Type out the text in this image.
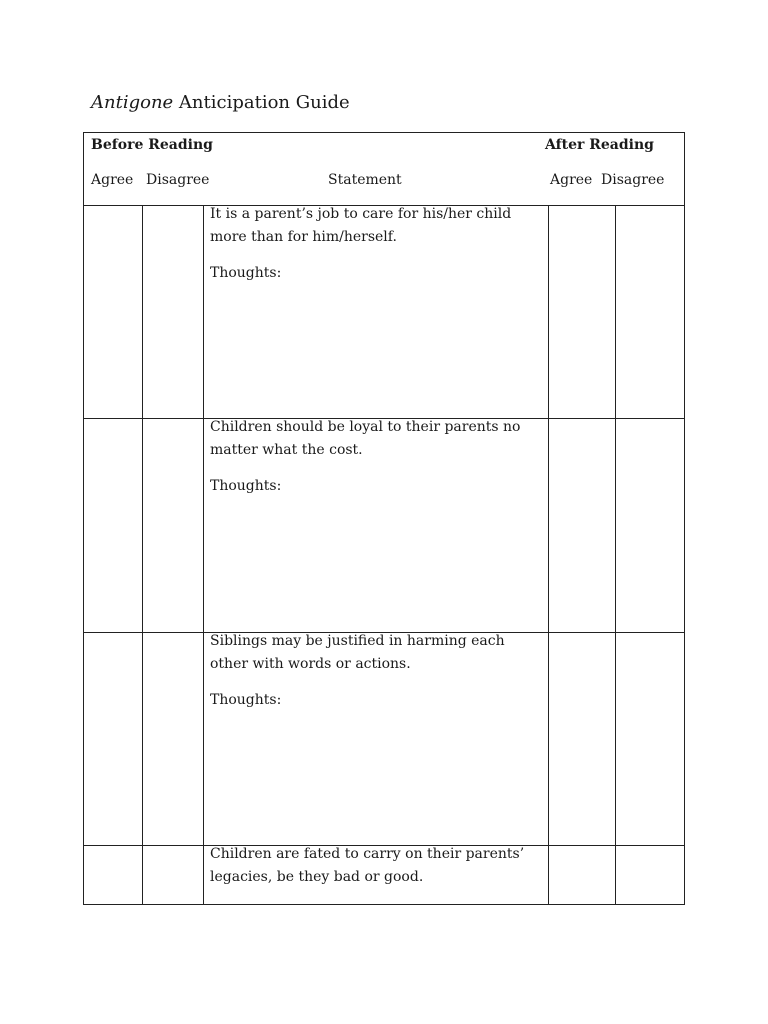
Antigone Anticipation Guide
Before Reading	After Reading
Agree Disagree	Statement	Agree Disagree
It is a parent’s job to care for his/her child more than for him/herself.
Thoughts:
Children should be loyal to their parents no matter what the cost.
Thoughts:
Siblings may be justified in harming each other with words or actions.
Thoughts:
Children are fated to carry on their parents’ legacies, be they bad or good.
